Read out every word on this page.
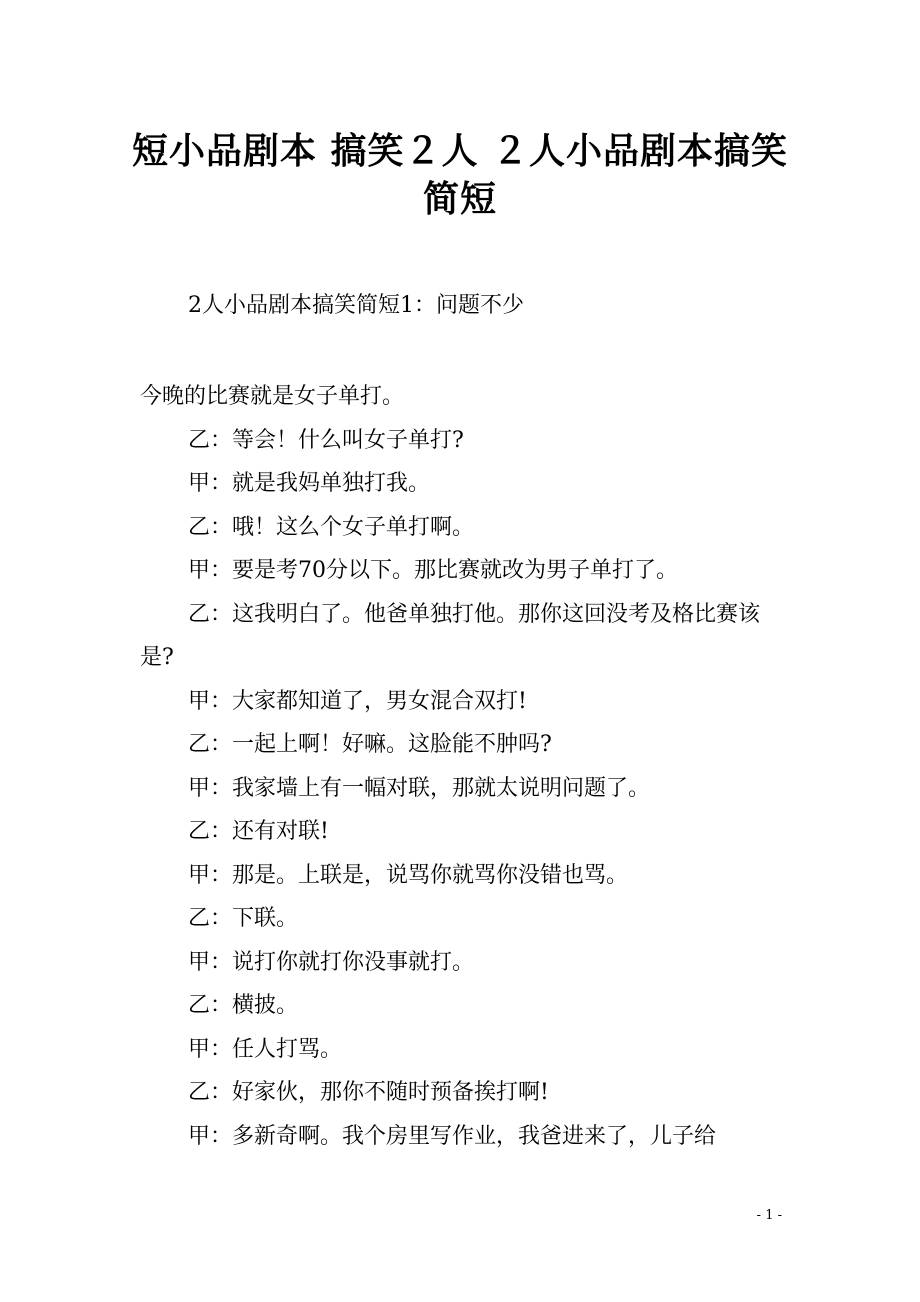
短小品剧本 搞笑２人 ２人小品剧本搞笑简短
2人小品剧本搞笑简短1：问题不少

今晚的比赛就是女子单打。

乙：等会！什么叫女子单打?

甲：就是我妈单独打我。

乙：哦！这么个女子单打啊。

甲：要是考70分以下。那比赛就改为男子单打了。

乙：这我明白了。他爸单独打他。那你这回没考及格比赛该是?

甲：大家都知道了，男女混合双打!

乙：一起上啊！好嘛。这脸能不肿吗?

甲：我家墙上有一幅对联，那就太说明问题了。

乙：还有对联!

甲：那是。上联是，说骂你就骂你没错也骂。

乙：下联。

甲：说打你就打你没事就打。

乙：横披。

甲：任人打骂。

乙：好家伙，那你不随时预备挨打啊!

甲：多新奇啊。我个房里写作业，我爸进来了，儿子给

- 1 -
